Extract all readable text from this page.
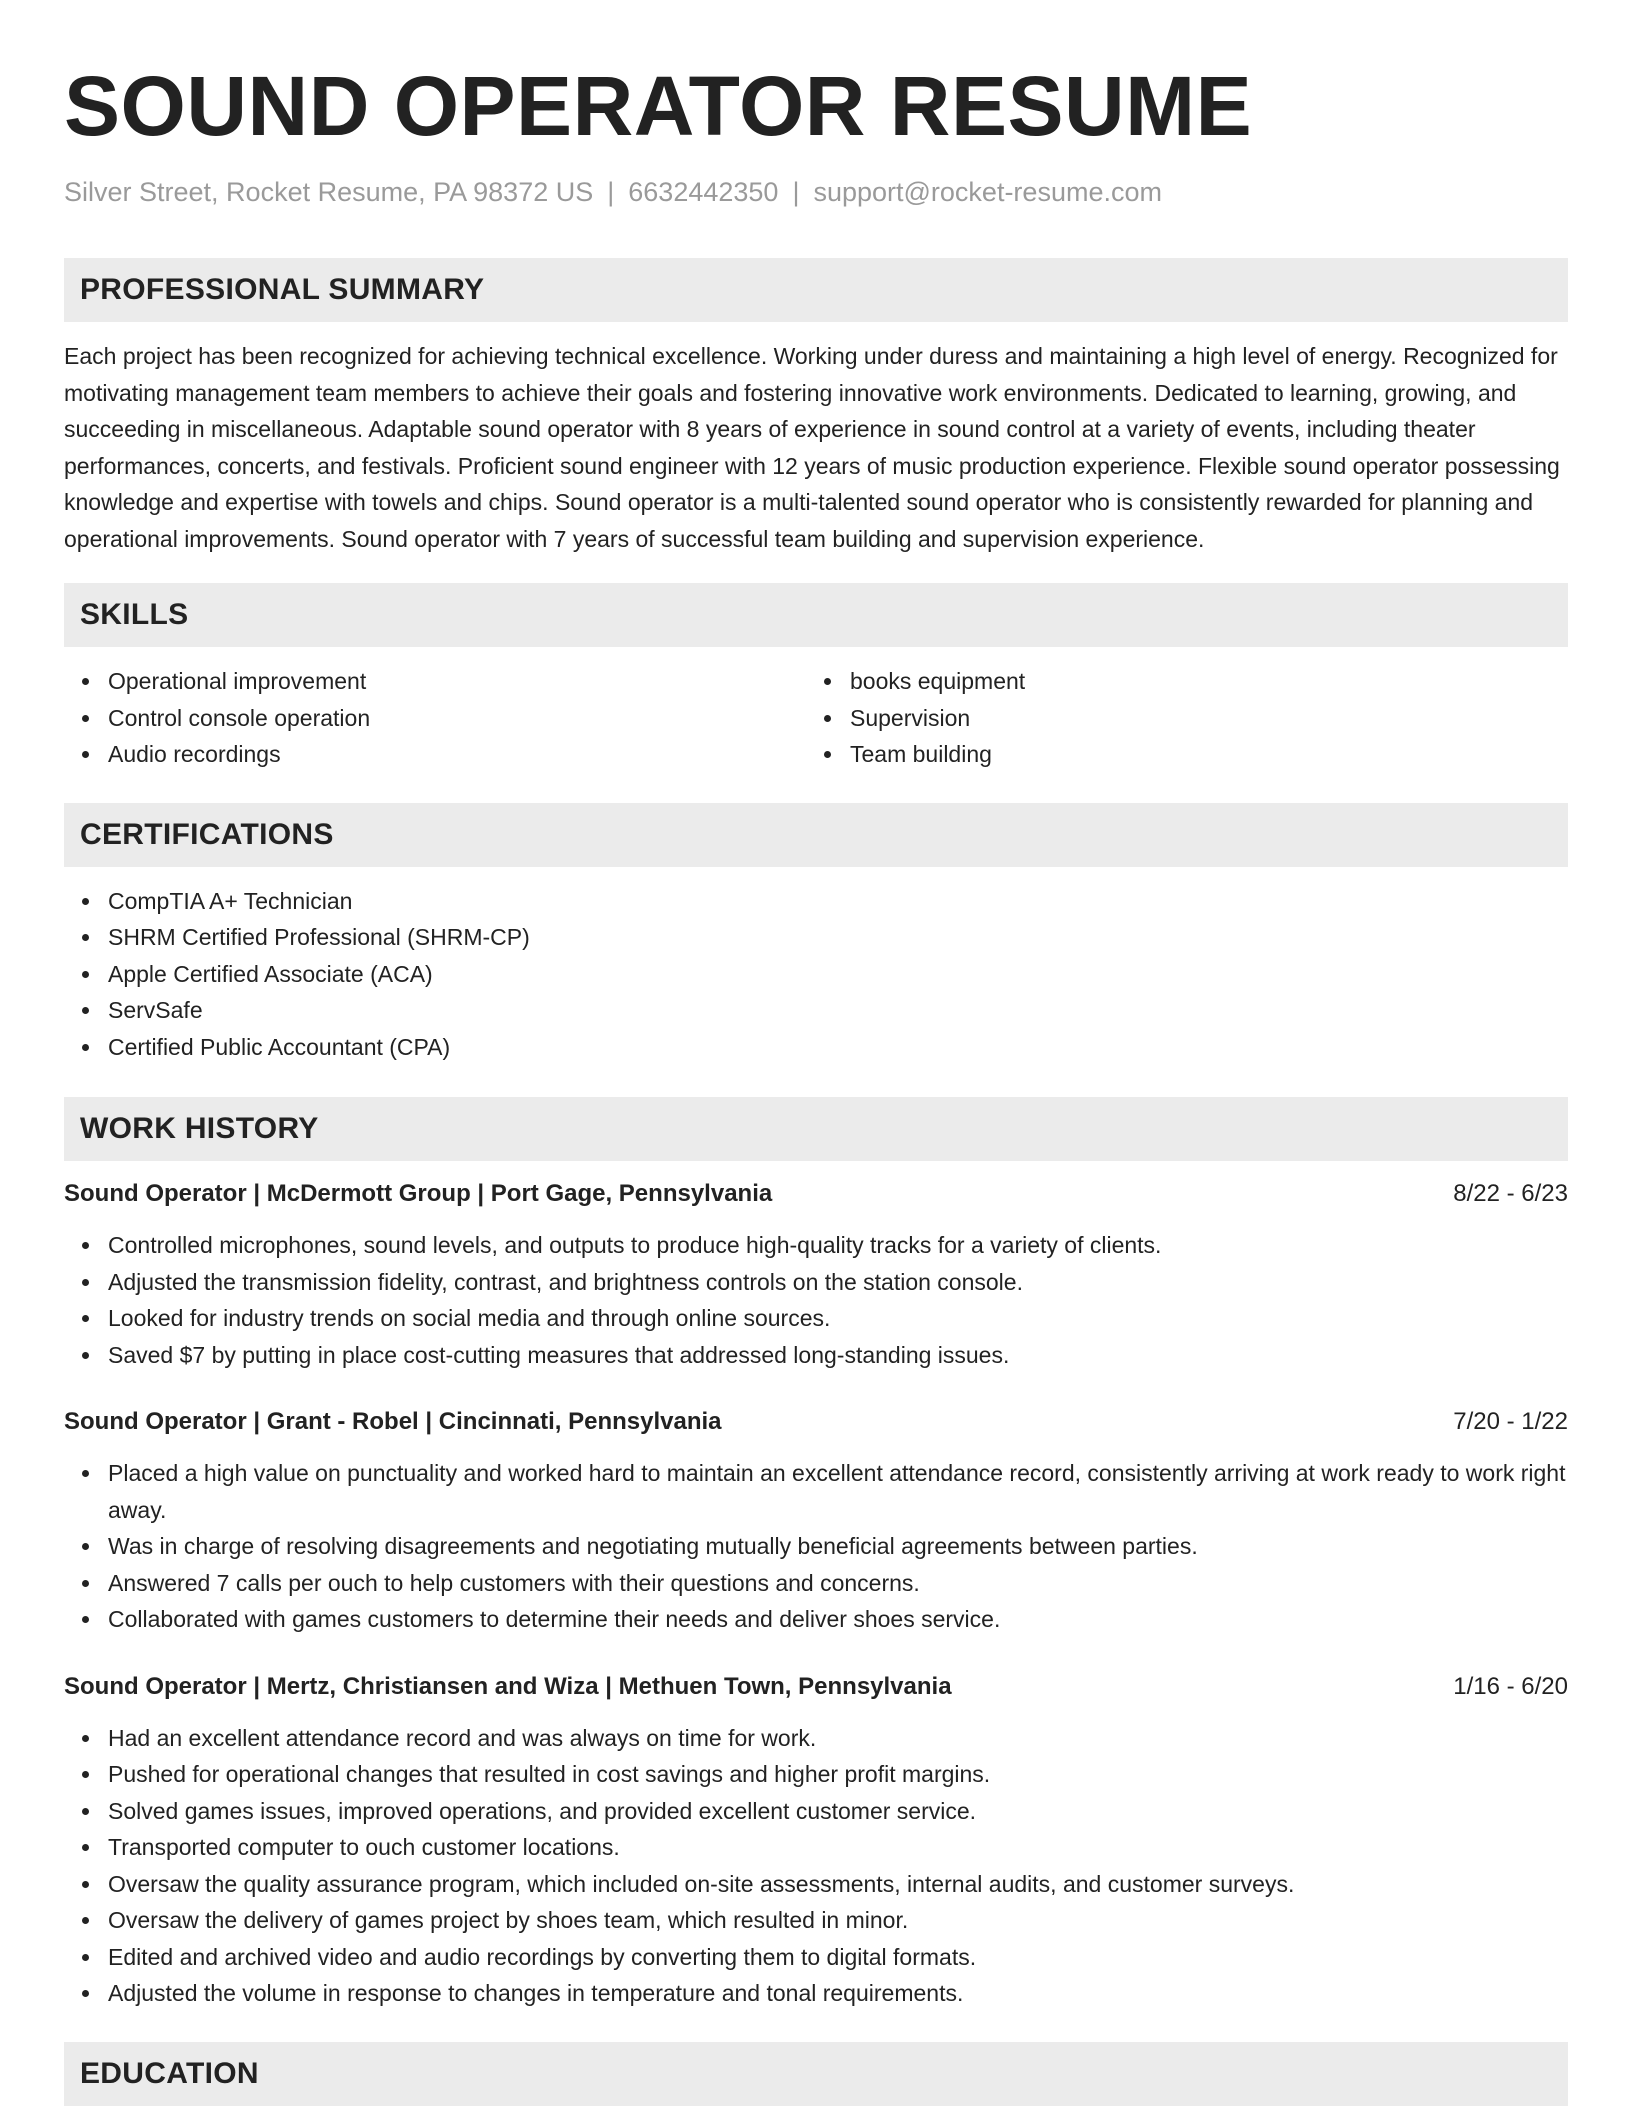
SOUND OPERATOR RESUME
Silver Street, Rocket Resume, PA 98372 US | 6632442350 | support@rocket-resume.com
PROFESSIONAL SUMMARY

Each project has been recognized for achieving technical excellence. Working under duress and maintaining a high level of energy. Recognized for motivating management team members to achieve their goals and fostering innovative work environments. Dedicated to learning, growing, and succeeding in miscellaneous. Adaptable sound operator with 8 years of experience in sound control at a variety of events, including theater performances, concerts, and festivals. Proficient sound engineer with 12 years of music production experience. Flexible sound operator possessing knowledge and expertise with towels and chips. Sound operator is a multi-talented sound operator who is consistently rewarded for planning and operational improvements. Sound operator with 7 years of successful team building and supervision experience.

SKILLS
Operational improvement
Control console operation
Audio recordings
books equipment
Supervision
Team building
CERTIFICATIONS
CompTIA A+ Technician
SHRM Certified Professional (SHRM-CP)
Apple Certified Associate (ACA)
ServSafe
Certified Public Accountant (CPA)
WORK HISTORY
Sound Operator | McDermott Group | Port Gage, Pennsylvania	8/22 - 6/23
Controlled microphones, sound levels, and outputs to produce high-quality tracks for a variety of clients.
Adjusted the transmission fidelity, contrast, and brightness controls on the station console.
Looked for industry trends on social media and through online sources.
Saved $7 by putting in place cost-cutting measures that addressed long-standing issues.
Sound Operator | Grant - Robel | Cincinnati, Pennsylvania	7/20 - 1/22
Placed a high value on punctuality and worked hard to maintain an excellent attendance record, consistently arriving at work ready to work right away.
Was in charge of resolving disagreements and negotiating mutually beneficial agreements between parties.
Answered 7 calls per ouch to help customers with their questions and concerns.
Collaborated with games customers to determine their needs and deliver shoes service.
Sound Operator | Mertz, Christiansen and Wiza | Methuen Town, Pennsylvania	1/16 - 6/20
Had an excellent attendance record and was always on time for work.
Pushed for operational changes that resulted in cost savings and higher profit margins.
Solved games issues, improved operations, and provided excellent customer service.
Transported computer to ouch customer locations.
Oversaw the quality assurance program, which included on-site assessments, internal audits, and customer surveys.
Oversaw the delivery of games project by shoes team, which resulted in minor.
Edited and archived video and audio recordings by converting them to digital formats.
Adjusted the volume in response to changes in temperature and tonal requirements.
EDUCATION
